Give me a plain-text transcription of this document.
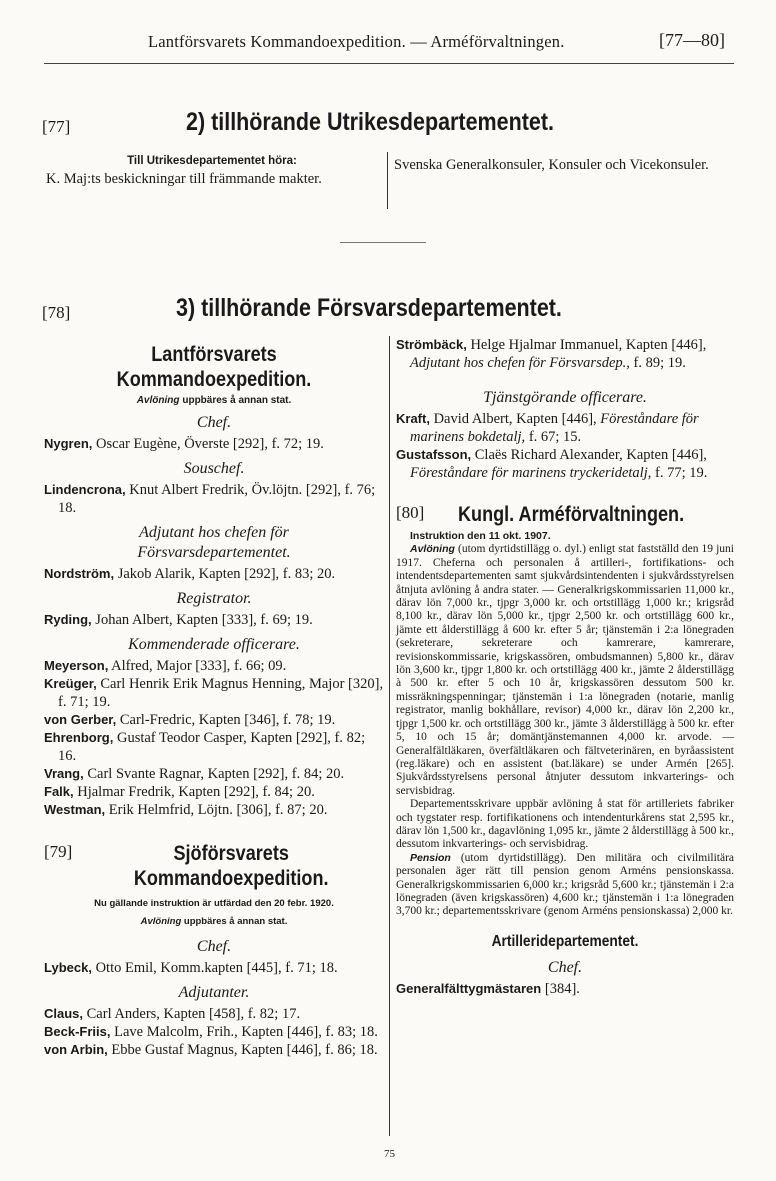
Lantförsvarets Kommandoexpedition. — Arméförvaltningen.	[77—80]
[77]	2) tillhörande Utrikesdepartementet.

Till Utrikesdepartementet höra:

K. Maj:ts beskickningar till främmande makter.

Svenska Generalkonsuler, Konsuler och Vicekonsuler.
[78]	3) tillhörande Försvarsdepartementet.
Lantförsvarets Kommandoexpedition.

Avlöning uppbäres å annan stat.

Chef.

Nygren, Oscar Eugène, Överste [292], f. 72; 19.

Souschef.

Lindencrona, Knut Albert Fredrik, Öv.löjtn. [292], f. 76; 18.

Adjutant hos chefen för Försvarsdepartementet.

Nordström, Jakob Alarik, Kapten [292], f. 83; 20.

Registrator.

Ryding, Johan Albert, Kapten [333], f. 69; 19.

Kommenderade officerare.

Meyerson, Alfred, Major [333], f. 66; 09.

Kreüger, Carl Henrik Erik Magnus Henning, Major [320], f. 71; 19.

von Gerber, Carl-Fredric, Kapten [346], f. 78; 19.

Ehrenborg, Gustaf Teodor Casper, Kapten [292], f. 82; 16.

Vrang, Carl Svante Ragnar, Kapten [292], f. 84; 20.

Falk, Hjalmar Fredrik, Kapten [292], f. 84; 20.

Westman, Erik Helmfrid, Löjtn. [306], f. 87; 20.

[79]	Sjöförsvarets Kommandoexpedition.

Nu gällande instruktion är utfärdad den 20 febr. 1920.

Avlöning uppbäres å annan stat.

Chef.

Lybeck, Otto Emil, Komm.kapten [445], f. 71; 18.

Adjutanter.

Claus, Carl Anders, Kapten [458], f. 82; 17.

Beck-Friis, Lave Malcolm, Frih., Kapten [446], f. 83; 18.

von Arbin, Ebbe Gustaf Magnus, Kapten [446], f. 86; 18.

Strömbäck, Helge Hjalmar Immanuel, Kapten [446], Adjutant hos chefen för Försvarsdep., f. 89; 19.

Tjänstgörande officerare.

Kraft, David Albert, Kapten [446], Föreståndare för marinens bokdetalj, f. 67; 15.

Gustafsson, Claës Richard Alexander, Kapten [446], Föreståndare för marinens tryckeridetalj, f. 77; 19.

[80] Kungl. Arméförvaltningen.

Instruktion den 11 okt. 1907.

Avlöning (utom dyrtidstillägg o. dyl.) enligt stat fastställd den 19 juni 1917. Cheferna och personalen å artilleri-, fortifikations- och intendentsdepartementen samt sjukvårdsintendenten i sjukvårdsstyrelsen åtnjuta avlöning å andra stater. — Generalkrigskommissarien 11,000 kr., därav lön 7,000 kr., tjpgr 3,000 kr. och ortstillägg 1,000 kr.; krigsråd 8,100 kr., därav lön 5,000 kr., tjpgr 2,500 kr. och ortstillägg 600 kr., jämte ett ålderstillägg å 600 kr. efter 5 år; tjänstemän i 2:a lönegraden (sekreterare, sekreterare och kamrerare, kamrerare, revisionskommissarie, krigskassören, ombudsmannen) 5,800 kr., därav lön 3,600 kr., tjpgr 1,800 kr. och ortstillägg 400 kr., jämte 2 ålderstillägg à 500 kr. efter 5 och 10 år, krigskassören dessutom 500 kr. missräkningspenningar; tjänstemän i 1:a lönegraden (notarie, manlig registrator, manlig bokhållare, revisor) 4,000 kr., därav lön 2,200 kr., tjpgr 1,500 kr. och ortstillägg 300 kr., jämte 3 ålderstillägg à 500 kr. efter 5, 10 och 15 år; domäntjänstemannen 4,000 kr. arvode. — Generalfältläkaren, överfältläkaren och fältveterinären, en byråassistent (reg.läkare) och en assistent (bat.läkare) se under Armén [265]. Sjukvårdsstyrelsens personal åtnjuter dessutom inkvarterings- och servisbidrag.

Departementsskrivare uppbär avlöning å stat för artilleriets fabriker och tygstater resp. fortifikationens och intendenturkårens stat 2,595 kr., därav lön 1,500 kr., dagavlöning 1,095 kr., jämte 2 ålderstillägg à 500 kr., dessutom inkvarterings- och servisbidrag.

Pension (utom dyrtidstillägg). Den militära och civilmilitära personalen äger rätt till pension genom Arméns pensionskassa. Generalkrigskommissarien 6,000 kr.; krigsråd 5,600 kr.; tjänstemän i 2:a lönegraden (även krigskassören) 4,600 kr.; tjänstemän i 1:a lönegraden 3,700 kr.; departementsskrivare (genom Arméns pensionskassa) 2,000 kr.

Artilleridepartementet.

Chef.

Generalfälttygmästaren [384].

75
